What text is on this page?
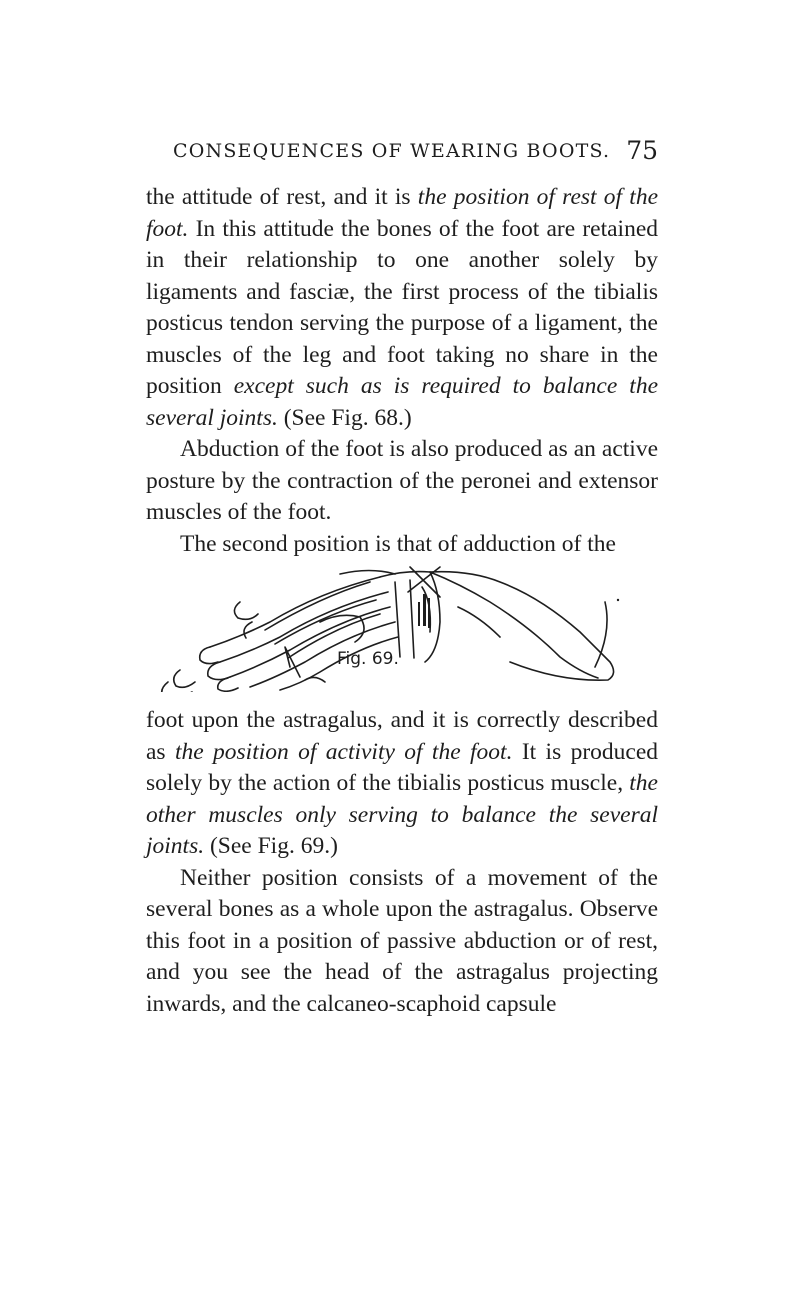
CONSEQUENCES OF WEARING BOOTS. 75

the attitude of rest, and it is the position of rest of the foot. In this attitude the bones of the foot are retained in their relationship to one another solely by ligaments and fasciæ, the first process of the tibialis posticus tendon serving the purpose of a ligament, the muscles of the leg and foot taking no share in the position except such as is required to balance the several joints. (See Fig. 68.)

Abduction of the foot is also produced as an active posture by the contraction of the peronei and extensor muscles of the foot.

The second position is that of adduction of the

Fig. 69.

foot upon the astragalus, and it is correctly described as the position of activity of the foot. It is produced solely by the action of the tibialis posticus muscle, the other muscles only serving to balance the several joints. (See Fig. 69.)

Neither position consists of a movement of the several bones as a whole upon the astragalus. Observe this foot in a position of passive abduction or of rest, and you see the head of the astragalus projecting inwards, and the calcaneo-scaphoid capsule
